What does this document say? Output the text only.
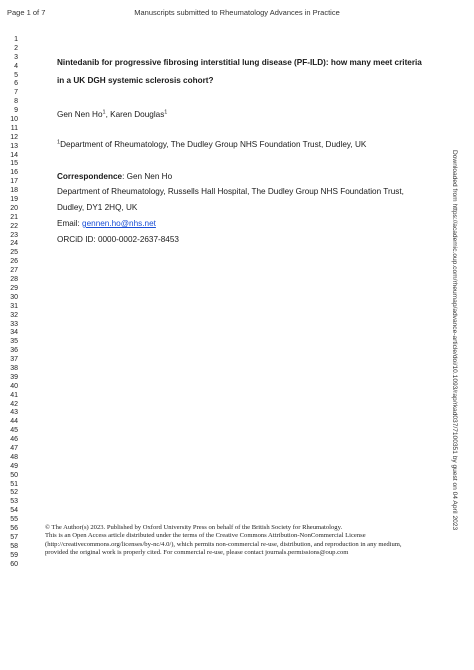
Page 1 of 7	Manuscripts submitted to Rheumatology Advances in Practice
1
2
3
4
5
6
7
8
9
10
11
12
13
14
15
16
17
18
19
20
21
22
23
24
25
26
27
28
29
30
31
32
33
34
35
36
37
38
39
40
41
42
43
44
45
46
47
48
49
50
51
52
53
54
55
56
57
58
59
60
Nintedanib for progressive fibrosing interstitial lung disease (PF-ILD): how many meet criteria
in a UK DGH systemic sclerosis cohort?
Gen Nen Ho$^1$, Karen Douglas$^1$
$^1$Department of Rheumatology, The Dudley Group NHS Foundation Trust, Dudley, UK
Correspondence: Gen Nen Ho
Department of Rheumatology, Russells Hall Hospital, The Dudley Group NHS Foundation Trust,
Dudley, DY1 2HQ, UK
Email: gennen.ho@nhs.net
ORCiD ID: 0000-0002-2637-8453
© The Author(s) 2023. Published by Oxford University Press on behalf of the British Society for Rheumatology.
This is an Open Access article distributed under the terms of the Creative Commons Attribution-NonCommercial License
(http://creativecommons.org/licenses/by-nc/4.0/), which permits non-commercial re-use, distribution, and reproduction in any medium,
provided the original work is properly cited. For commercial re-use, please contact journals.permissions@oup.com
Downloaded from https://academic.oup.com/rheumap/advance-article/doi/10.1093/rap/rkad037/7100351 by guest on 04 April 2023
